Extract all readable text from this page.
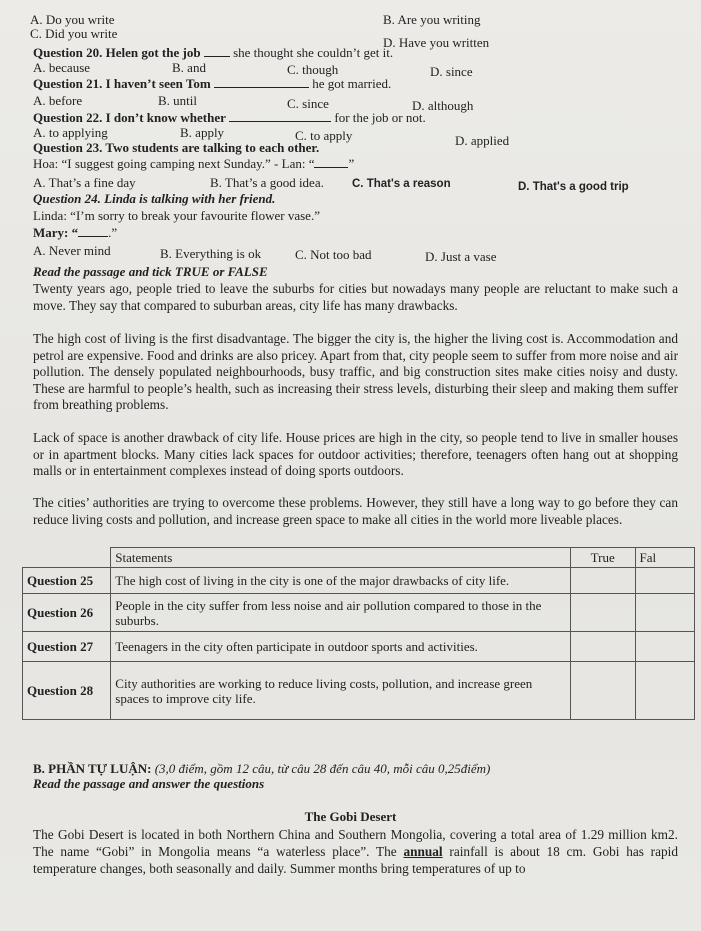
A. Do you write	B. Are you writing
C. Did you write
D. Have you written
Question 20. Helen got the job	she thought she couldn’t get it.
A. because	B. and	C. though	D. since
Question 21. I haven’t seen Tom	he got married.
A. before	B. until	C. since	D. although
Question 22. I don’t know whether	for the job or not.
A. to applying	B. apply	C. to apply	D. applied
Question 23. Two students are talking to each other.
Hoa: “I suggest going camping next Sunday.” - Lan: “	”
A. That’s a fine day	B. That’s a good idea. C. That's a reason	D. That's a good trip
Question 24. Linda is talking with her friend.
Linda: “I’m sorry to break your favourite flower vase.”
Mary: “ .”
A. Never mind	B. Everything is ok	C. Not too bad	D. Just a vase
Read the passage and tick TRUE or FALSE

Twenty years ago, people tried to leave the suburbs for cities but nowadays many people are reluctant to make such a move. They say that compared to suburban areas, city life has many drawbacks.

The high cost of living is the first disadvantage. The bigger the city is, the higher the living cost is. Accommodation and petrol are expensive. Food and drinks are also pricey. Apart from that, city people seem to suffer from more noise and air pollution. The densely populated neighbourhoods, busy traffic, and big construction sites make cities noisy and dusty. These are harmful to people’s health, such as increasing their stress levels, disturbing their sleep and making them suffer from breathing problems.

Lack of space is another drawback of city life. House prices are high in the city, so people tend to live in smaller houses or in apartment blocks. Many cities lack spaces for outdoor activities; therefore, teenagers often hang out at shopping malls or in entertainment complexes instead of doing sports outdoors.

The cities’ authorities are trying to overcome these problems. However, they still have a long way to go before they can reduce living costs and pollution, and increase green space to make all cities in the world more liveable places.

	Statements	True	Fal
Question 25	The high cost of living in the city is one of the major drawbacks of city life.		
Question 26	People in the city suffer from less noise and air pollution compared to those in the suburbs.		
Question 27	Teenagers in the city often participate in outdoor sports and activities.		
Question 28	City authorities are working to reduce living costs, pollution, and increase green spaces to improve city life.		
B. PHẦN TỰ LUẬN: (3,0 điểm, gồm 12 câu, từ câu 28 đến câu 40, mỗi câu 0,25điểm)
Read the passage and answer the questions
The Gobi Desert

The Gobi Desert is located in both Northern China and Southern Mongolia, covering a total area of 1.29 million km2. The name “Gobi” in Mongolia means “a waterless place”. The annual rainfall is about 18 cm. Gobi has rapid temperature changes, both seasonally and daily. Summer months bring temperatures of up to
